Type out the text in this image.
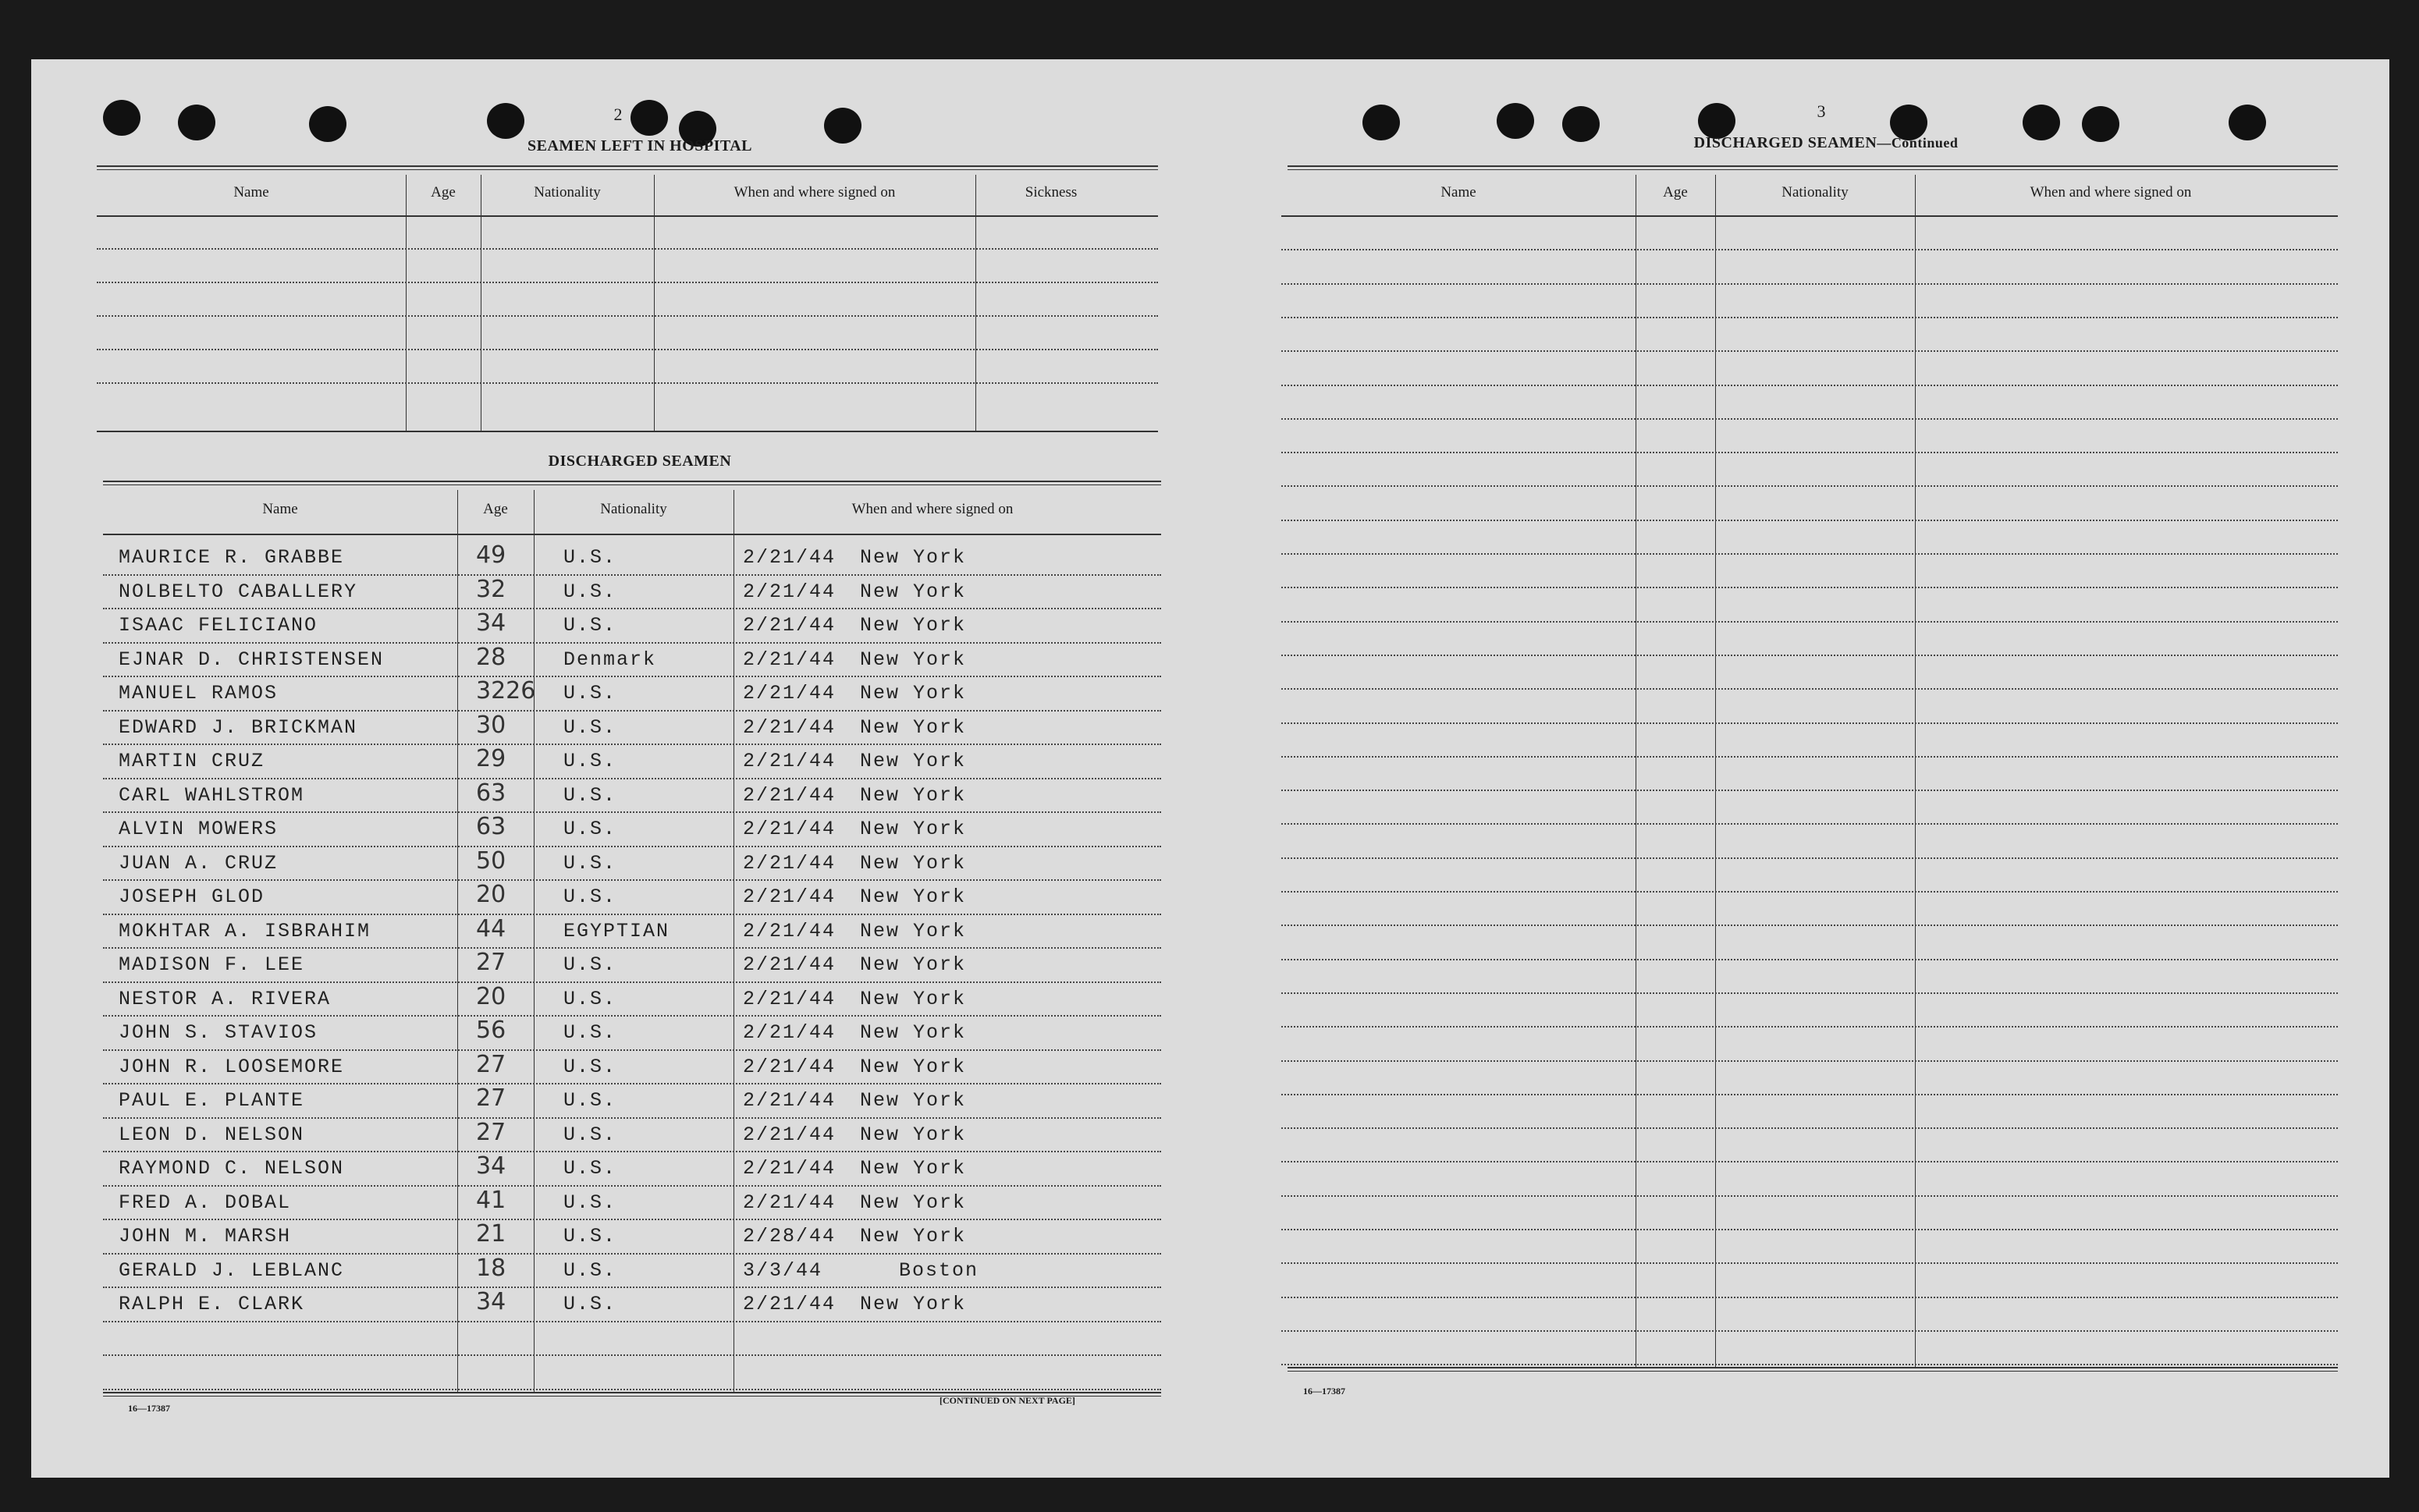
2
SEAMEN LEFT IN HOSPITAL
Name	Age	Nationality	When and where signed on	Sickness
DISCHARGED SEAMEN
Name	Age	Nationality	When and where signed on
MAURICE R. GRABBE	49	U.S.	2/21/44 New York
NOLBELTO CABALLERY	32	U.S.	2/21/44 New York
ISAAC FELICIANO	34	U.S.	2/21/44 New York
EJNAR D. CHRISTENSEN	28	Denmark	2/21/44 New York
MANUEL RAMOS	3226 U.S.	2/21/44 New York
EDWARD J. BRICKMAN	30	U.S.	2/21/44 New York
MARTIN CRUZ	29	U.S.	2/21/44 New York
CARL WAHLSTROM	63	U.S.	2/21/44 New York
ALVIN MOWERS	63	U.S.	2/21/44 New York
JUAN A. CRUZ	50	U.S.	2/21/44 New York
JOSEPH GLOD	20	U.S.	2/21/44 New York
MOKHTAR A. ISBRAHIM	44	EGYPTIAN	2/21/44 New York
MADISON F. LEE	27	U.S.	2/21/44 New York
NESTOR A. RIVERA	20	U.S.	2/21/44 New York
JOHN S. STAVIOS	56	U.S.	2/21/44 New York
JOHN R. LOOSEMORE	27	U.S.	2/21/44 New York
PAUL E. PLANTE	27	U.S.	2/21/44 New York
LEON D. NELSON	27	U.S.	2/21/44 New York
RAYMOND C. NELSON	34	U.S.	2/21/44 New York
FRED A. DOBAL	41	U.S.	2/21/44 New York
JOHN M. MARSH	21	U.S.	2/28/44 New York
GERALD J. LEBLANC	18	U.S.	3/3/44	Boston
RALPH E. CLARK	34	U.S.	2/21/44 New York
16—17387
[CONTINUED ON NEXT PAGE]
3
DISCHARGED SEAMEN—Continued
Name	Age	Nationality	When and where signed on
16—17387
